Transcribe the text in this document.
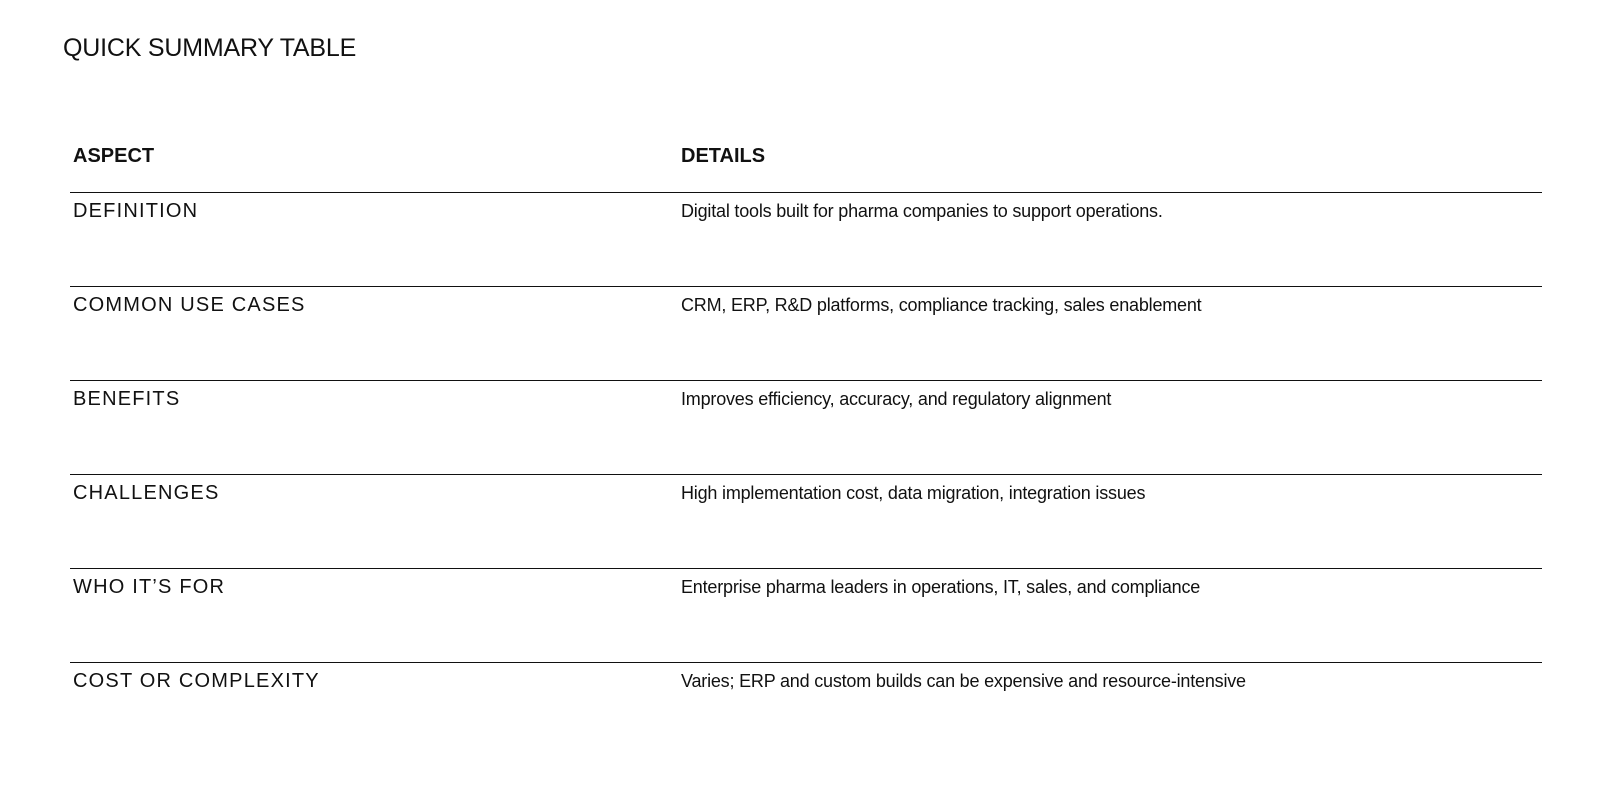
QUICK SUMMARY TABLE
ASPECT	DETAILS
DEFINITION	Digital tools built for pharma companies to support operations.
COMMON USE CASES	CRM, ERP, R&D platforms, compliance tracking, sales enablement
BENEFITS	Improves efficiency, accuracy, and regulatory alignment
CHALLENGES	High implementation cost, data migration, integration issues
WHO IT’S FOR	Enterprise pharma leaders in operations, IT, sales, and compliance
COST OR COMPLEXITY	Varies; ERP and custom builds can be expensive and resource-intensive
